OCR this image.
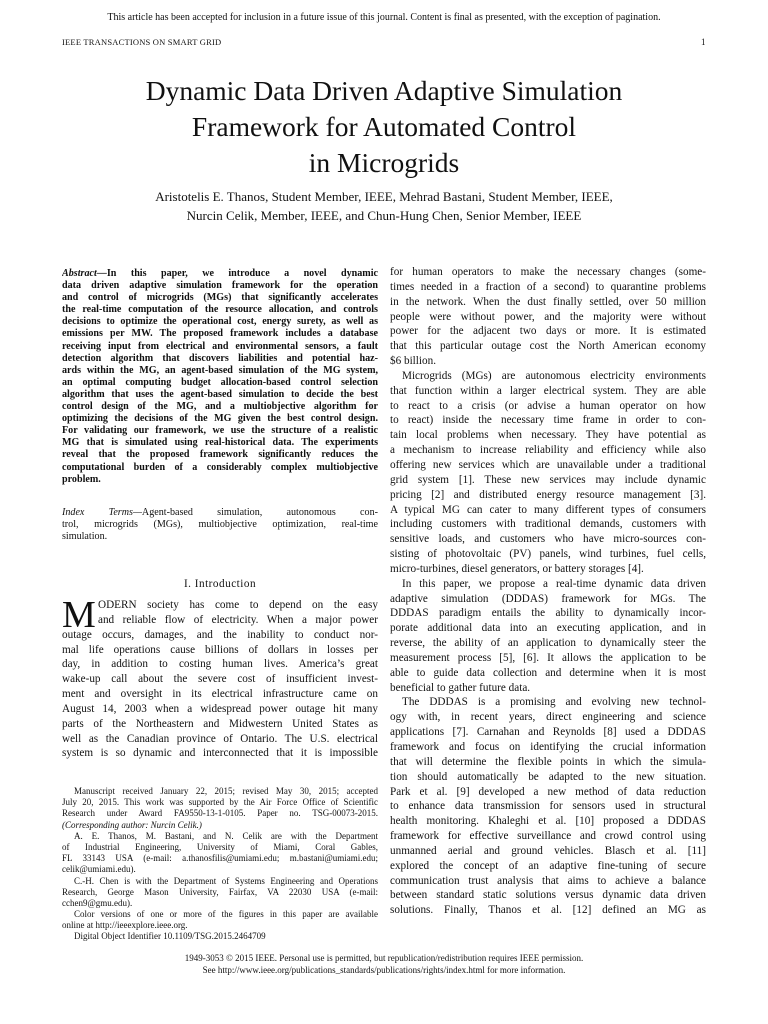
This article has been accepted for inclusion in a future issue of this journal. Content is final as presented, with the exception of pagination.
IEEE TRANSACTIONS ON SMART GRID	1
Dynamic Data Driven Adaptive Simulation
Framework for Automated Control
in Microgrids
Aristotelis E. Thanos, Student Member, IEEE, Mehrad Bastani, Student Member, IEEE,
Nurcin Celik, Member, IEEE, and Chun-Hung Chen, Senior Member, IEEE
Abstract—In this paper, we introduce a novel dynamic
data driven adaptive simulation framework for the operation
and control of microgrids (MGs) that significantly accelerates
the real-time computation of the resource allocation, and controls
decisions to optimize the operational cost, energy surety, as well as
emissions per MW. The proposed framework includes a database
receiving input from electrical and environmental sensors, a fault
detection algorithm that discovers liabilities and potential haz-
ards within the MG, an agent-based simulation of the MG system,
an optimal computing budget allocation-based control selection
algorithm that uses the agent-based simulation to decide the best
control design of the MG, and a multiobjective algorithm for
optimizing the decisions of the MG given the best control design.
For validating our framework, we use the structure of a realistic
MG that is simulated using real-historical data. The experiments
reveal that the proposed framework significantly reduces the
computational burden of a considerably complex multiobjective
problem.
Index Terms—Agent-based simulation, autonomous con-
trol, microgrids (MGs), multiobjective optimization, real-time
simulation.
I. Introduction
M ODERN society has come to depend on the easy
and reliable flow of electricity. When a major power
outage occurs, damages, and the inability to conduct nor-
mal life operations cause billions of dollars in losses per
day, in addition to costing human lives. America’s great
wake-up call about the severe cost of insufficient invest-
ment and oversight in its electrical infrastructure came on
August 14, 2003 when a widespread power outage hit many
parts of the Northeastern and Midwestern United States as
well as the Canadian province of Ontario. The U.S. electrical
system is so dynamic and interconnected that it is impossible
Manuscript received January 22, 2015; revised May 30, 2015; accepted
July 20, 2015. This work was supported by the Air Force Office of Scientific
Research under Award FA9550-13-1-0105. Paper no. TSG-00073-2015.
(Corresponding author: Nurcin Celik.)
A. E. Thanos, M. Bastani, and N. Celik are with the Department
of Industrial Engineering, University of Miami, Coral Gables,
FL 33143 USA (e-mail: a.thanosfilis@umiami.edu; m.bastani@umiami.edu;
celik@umiami.edu).
C.-H. Chen is with the Department of Systems Engineering and Operations
Research, George Mason University, Fairfax, VA 22030 USA (e-mail:
cchen9@gmu.edu).
Color versions of one or more of the figures in this paper are available
online at http://ieeexplore.ieee.org.
Digital Object Identifier 10.1109/TSG.2015.2464709
for human operators to make the necessary changes (some-
times needed in a fraction of a second) to quarantine problems
in the network. When the dust finally settled, over 50 million
people were without power, and the majority were without
power for the adjacent two days or more. It is estimated
that this particular outage cost the North American economy
$6 billion.
Microgrids (MGs) are autonomous electricity environments
that function within a larger electrical system. They are able
to react to a crisis (or advise a human operator on how
to react) inside the necessary time frame in order to con-
tain local problems when necessary. They have potential as
a mechanism to increase reliability and efficiency while also
offering new services which are unavailable under a traditional
grid system [1]. These new services may include dynamic
pricing [2] and distributed energy resource management [3].
A typical MG can cater to many different types of consumers
including customers with traditional demands, customers with
sensitive loads, and customers who have micro-sources con-
sisting of photovoltaic (PV) panels, wind turbines, fuel cells,
micro-turbines, diesel generators, or battery storages [4].
In this paper, we propose a real-time dynamic data driven
adaptive simulation (DDDAS) framework for MGs. The
DDDAS paradigm entails the ability to dynamically incor-
porate additional data into an executing application, and in
reverse, the ability of an application to dynamically steer the
measurement process [5], [6]. It allows the application to be
able to guide data collection and determine when it is most
beneficial to gather future data.
The DDDAS is a promising and evolving new technol-
ogy with, in recent years, direct engineering and science
applications [7]. Carnahan and Reynolds [8] used a DDDAS
framework and focus on identifying the crucial information
that will determine the flexible points in which the simula-
tion should automatically be adapted to the new situation.
Park et al. [9] developed a new method of data reduction
to enhance data transmission for sensors used in structural
health monitoring. Khaleghi et al. [10] proposed a DDDAS
framework for effective surveillance and crowd control using
unmanned aerial and ground vehicles. Blasch et al. [11]
explored the concept of an adaptive fine-tuning of secure
communication trust analysis that aims to achieve a balance
between standard static solutions versus dynamic data driven
solutions. Finally, Thanos et al. [12] defined an MG as
1949-3053 © 2015 IEEE. Personal use is permitted, but republication/redistribution requires IEEE permission.
See http://www.ieee.org/publications_standards/publications/rights/index.html for more information.
